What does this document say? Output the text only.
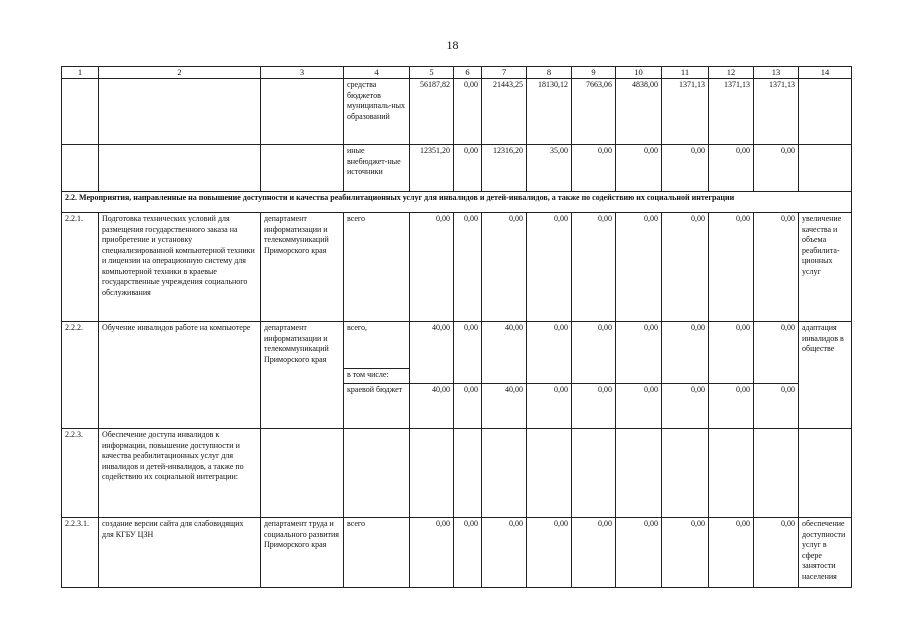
18
1	2	3	4	5	6	7	8	9	10	11	12	13	14
			средства бюджетов муниципаль-ных образований	56187,82	0,00	21443,25	18130,12	7663,06	4838,00	1371,13	1371,13	1371,13	
			иные внебюджет-ные источники	12351,20	0,00	12316,20	35,00	0,00	0,00	0,00	0,00	0,00	
2.2. Мероприятия, направленные на повышение доступности и качества реабилитационных услуг для инвалидов и детей-инвалидов, а также по содействию их социальной интеграции													
2.2.1.	Подготовка технических условий для размещения государственного заказа на приобретение и установку специализированной компьютерной техники и лицензии на операционную систему для компьютерной техники в краевые государственные учреждения социального обслуживания	департамент информатизации и телекоммуникаций Приморского края	всего	0,00	0,00	0,00	0,00	0,00	0,00	0,00	0,00	0,00	увеличение качества и объема реабилита-ционных услуг
2.2.2.	Обучение инвалидов работе на компьютере	департамент информатизации и телекоммуникаций Приморского края	всего,	40,00	0,00	40,00	0,00	0,00	0,00	0,00	0,00	0,00	адаптация инвалидов в обществе
			в том числе:										
			краевой бюджет	40,00	0,00	40,00	0,00	0,00	0,00	0,00	0,00	0,00	
2.2.3.	Обеспечение доступа инвалидов к информации, повышение доступности и качества реабилитационных услуг для инвалидов и детей-инвалидов, а также по содействию их социальной интеграции:												
2.2.3.1.	создание версии сайта для слабовидящих для КГБУ ЦЗН	департамент труда и социального развития Приморского края	всего	0,00	0,00	0,00	0,00	0,00	0,00	0,00	0,00	0,00	обеспечение доступности услуг в сфере занятости населения
